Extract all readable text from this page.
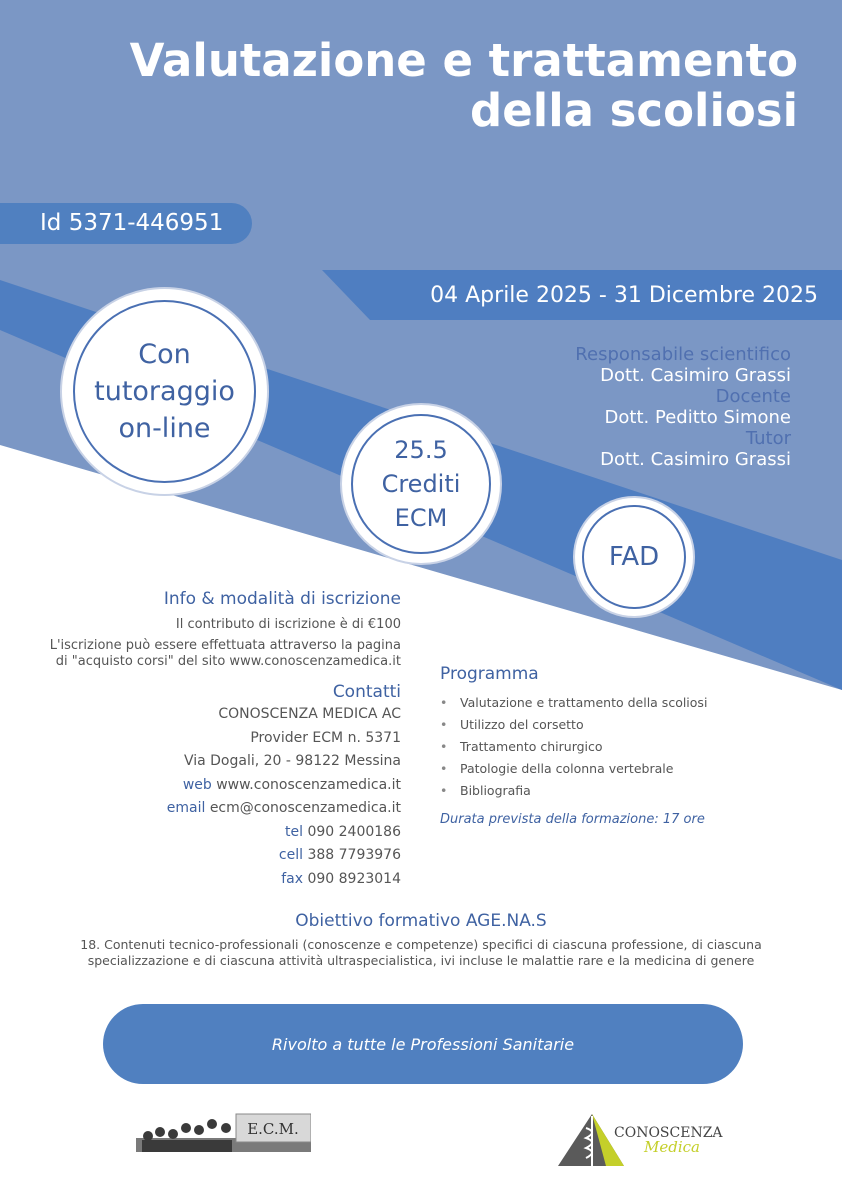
Valutazione e trattamento
della scoliosi
Id 5371-446951
04 Aprile 2025 - 31 Dicembre 2025
Con
tutoraggio
on-line
25.5
Crediti
ECM
FAD
Responsabile scientifico
Dott. Casimiro Grassi
Docente
Dott. Peditto Simone
Tutor
Dott. Casimiro Grassi
Info & modalità di iscrizione
Il contributo di iscrizione è di €100
L'iscrizione può essere effettuata attraverso la pagina
di "acquisto corsi" del sito www.conoscenzamedica.it
Contatti
CONOSCENZA MEDICA AC
Provider ECM n. 5371
Via Dogali, 20 - 98122 Messina
web www.conoscenzamedica.it
email ecm@conoscenzamedica.it
tel 090 2400186
cell 388 7793976
fax 090 8923014
Programma
• Valutazione e trattamento della scoliosi
• Utilizzo del corsetto
• Trattamento chirurgico
• Patologie della colonna vertebrale
• Bibliografia
Durata prevista della formazione: 17 ore
Obiettivo formativo AGE.NA.S
18. Contenuti tecnico-professionali (conoscenze e competenze) specifici di ciascuna professione, di ciascuna
specializzazione e di ciascuna attività ultraspecialistica, ivi incluse le malattie rare e la medicina di genere
Rivolto a tutte le Professioni Sanitarie
E.C.M.	CONOSCENZA
Medica
